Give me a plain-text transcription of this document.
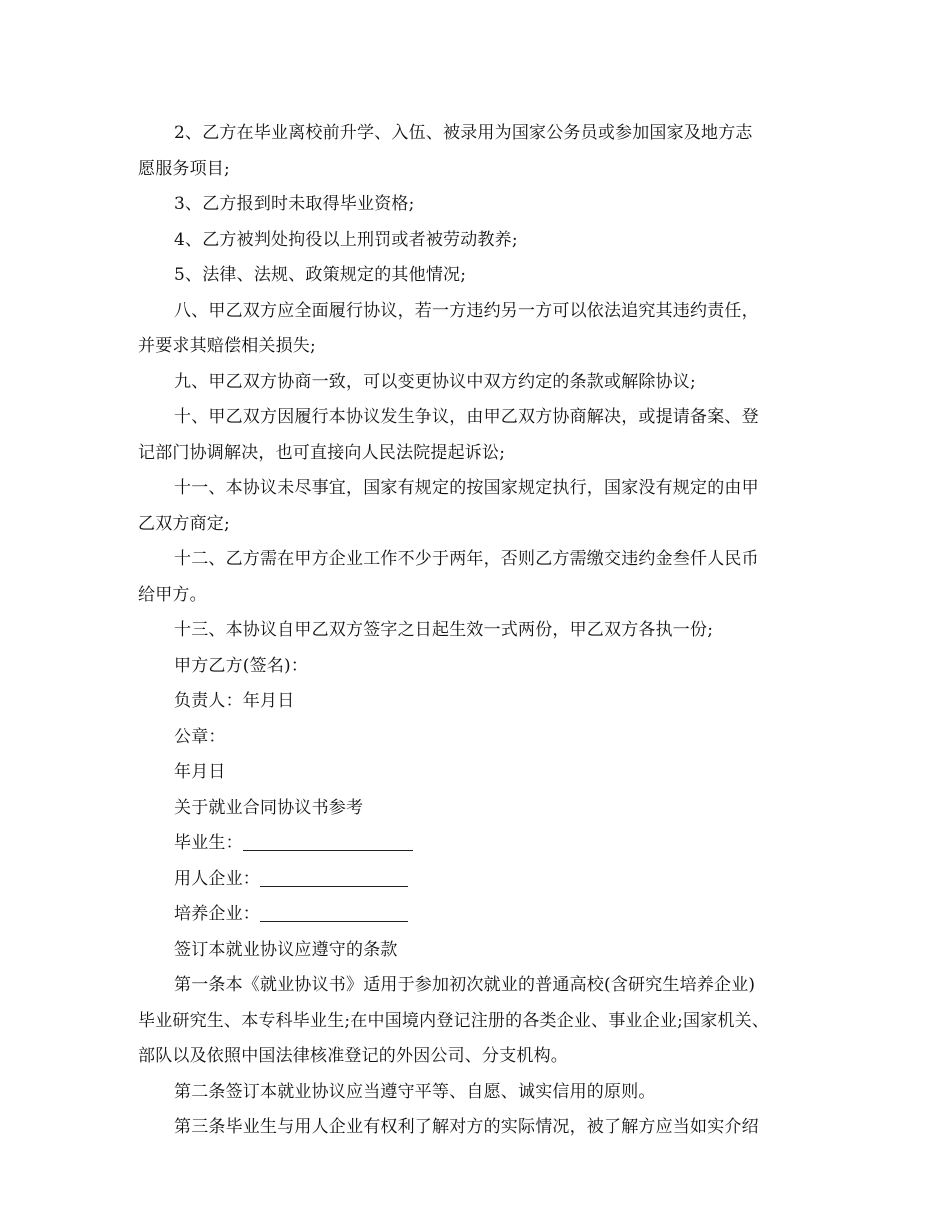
2、乙方在毕业离校前升学、入伍、被录用为国家公务员或参加国家及地方志
愿服务项目;
3、乙方报到时未取得毕业资格;
4、乙方被判处拘役以上刑罚或者被劳动教养;
5、法律、法规、政策规定的其他情况;
八、甲乙双方应全面履行协议，若一方违约另一方可以依法追究其违约责任，
并要求其赔偿相关损失;
九、甲乙双方协商一致，可以变更协议中双方约定的条款或解除协议;
十、甲乙双方因履行本协议发生争议，由甲乙双方协商解决，或提请备案、登
记部门协调解决，也可直接向人民法院提起诉讼;
十一、本协议未尽事宜，国家有规定的按国家规定执行，国家没有规定的由甲
乙双方商定;
十二、乙方需在甲方企业工作不少于两年，否则乙方需缴交违约金叁仟人民币
给甲方。
十三、本协议自甲乙双方签字之日起生效一式两份，甲乙双方各执一份;
甲方乙方(签名)：
负责人：年月日
公章：
年月日
关于就业合同协议书参考
毕业生：
用人企业：
培养企业：
签订本就业协议应遵守的条款
第一条本《就业协议书》适用于参加初次就业的普通高校(含研究生培养企业)
毕业研究生、本专科毕业生;在中国境内登记注册的各类企业、事业企业;国家机关、
部队以及依照中国法律核准登记的外因公司、分支机构。
第二条签订本就业协议应当遵守平等、自愿、诚实信用的原则。
第三条毕业生与用人企业有权利了解对方的实际情况，被了解方应当如实介绍
